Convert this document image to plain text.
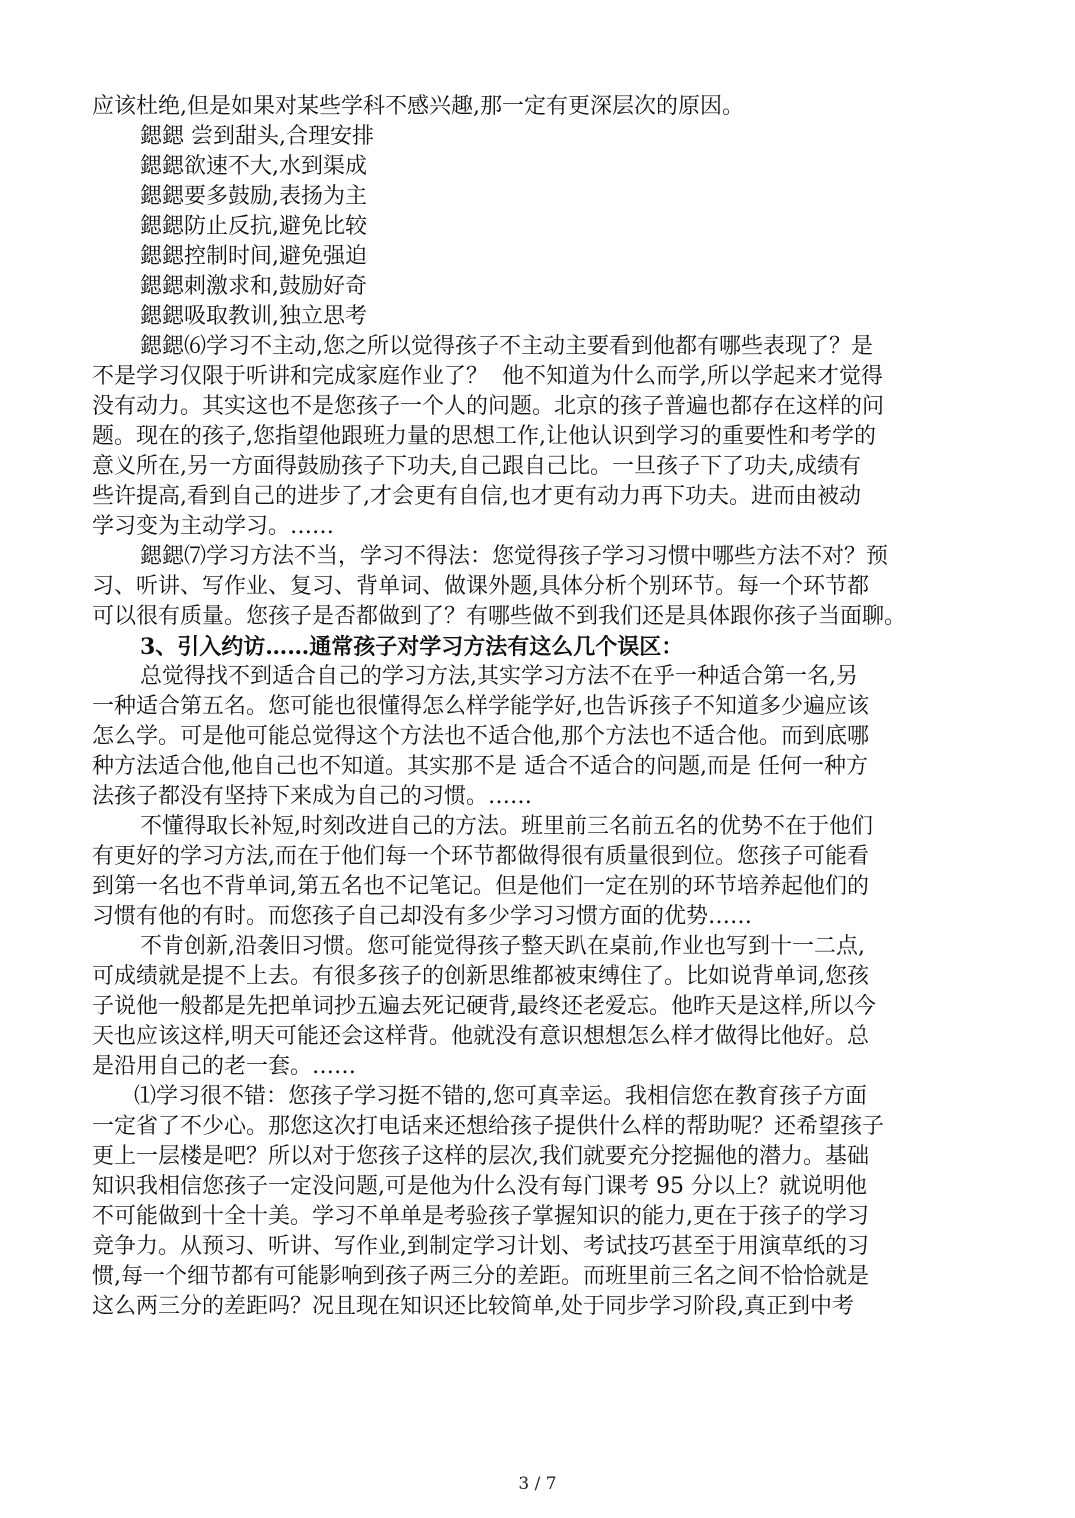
应该杜绝,但是如果对某些学科不感兴趣,那一定有更深层次的原因。
鍶鍶 尝到甜头,合理安排
鍶鍶欲速不大,水到渠成
鍶鍶要多鼓励,表扬为主
鍶鍶防止反抗,避免比较
鍶鍶控制时间,避免强迫
鍶鍶刺激求和,鼓励好奇
鍶鍶吸取教训,独立思考
鍶鍶⑹学习不主动,您之所以觉得孩子不主动主要看到他都有哪些表现了？是
不是学习仅限于听讲和完成家庭作业了？  他不知道为什么而学,所以学起来才觉得
没有动力。其实这也不是您孩子一个人的问题。北京的孩子普遍也都存在这样的问
题。现在的孩子,您指望他跟班力量的思想工作,让他认识到学习的重要性和考学的
意义所在,另一方面得鼓励孩子下功夫,自己跟自己比。一旦孩子下了功夫,成绩有
些许提高,看到自己的进步了,才会更有自信,也才更有动力再下功夫。进而由被动
学习变为主动学习。……
鍶鍶⑺学习方法不当，学习不得法：您觉得孩子学习习惯中哪些方法不对？预
习、听讲、写作业、复习、背单词、做课外题,具体分析个别环节。每一个环节都
可以很有质量。您孩子是否都做到了？有哪些做不到我们还是具体跟你孩子当面聊。
3、引入约访……通常孩子对学习方法有这么几个误区：
总觉得找不到适合自己的学习方法,其实学习方法不在乎一种适合第一名,另
一种适合第五名。您可能也很懂得怎么样学能学好,也告诉孩子不知道多少遍应该
怎么学。可是他可能总觉得这个方法也不适合他,那个方法也不适合他。而到底哪
种方法适合他,他自己也不知道。其实那不是 适合不适合的问题,而是 任何一种方
法孩子都没有坚持下来成为自己的习惯。……
不懂得取长补短,时刻改进自己的方法。班里前三名前五名的优势不在于他们
有更好的学习方法,而在于他们每一个环节都做得很有质量很到位。您孩子可能看
到第一名也不背单词,第五名也不记笔记。但是他们一定在别的环节培养起他们的
习惯有他的有时。而您孩子自己却没有多少学习习惯方面的优势……
不肯创新,沿袭旧习惯。您可能觉得孩子整天趴在桌前,作业也写到十一二点,
可成绩就是提不上去。有很多孩子的创新思维都被束缚住了。比如说背单词,您孩
子说他一般都是先把单词抄五遍去死记硬背,最终还老爱忘。他昨天是这样,所以今
天也应该这样,明天可能还会这样背。他就没有意识想想怎么样才做得比他好。总
是沿用自己的老一套。……
⑴学习很不错：您孩子学习挺不错的,您可真幸运。我相信您在教育孩子方面
一定省了不少心。那您这次打电话来还想给孩子提供什么样的帮助呢？还希望孩子
更上一层楼是吧？所以对于您孩子这样的层次,我们就要充分挖掘他的潜力。基础
知识我相信您孩子一定没问题,可是他为什么没有每门课考 95 分以上？就说明他
不可能做到十全十美。学习不单单是考验孩子掌握知识的能力,更在于孩子的学习
竞争力。从预习、听讲、写作业,到制定学习计划、考试技巧甚至于用演草纸的习
惯,每一个细节都有可能影响到孩子两三分的差距。而班里前三名之间不恰恰就是
这么两三分的差距吗？况且现在知识还比较简单,处于同步学习阶段,真正到中考
3 / 7
